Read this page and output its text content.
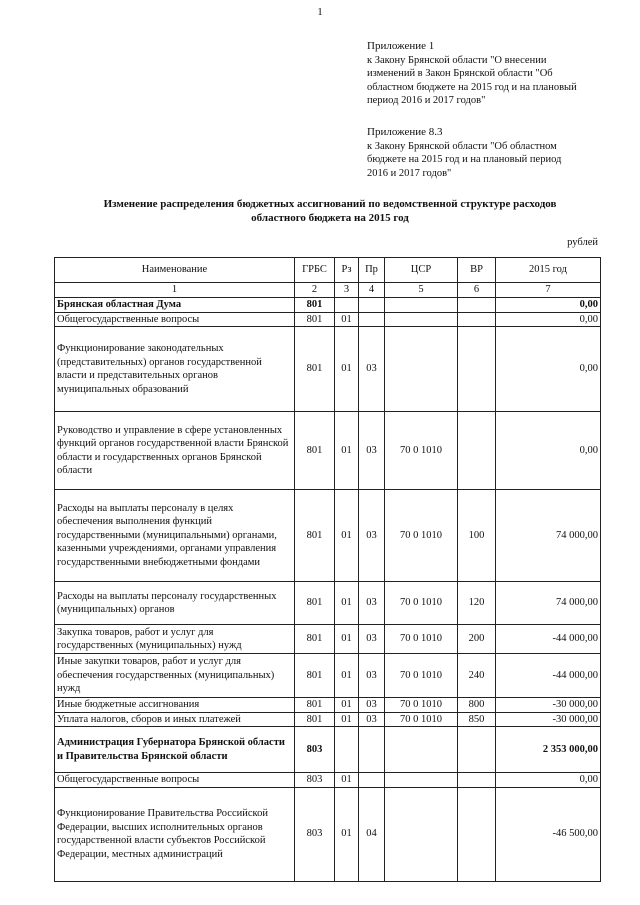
1
Приложение 1
к Закону Брянской области "О внесении
изменений в Закон Брянской области "Об
областном бюджете на 2015 год и на плановый
период 2016 и 2017 годов"
Приложение 8.3
к Закону Брянской области "Об областном
бюджете на 2015 год и на плановый период
2016 и 2017 годов"
Изменение распределения бюджетных ассигнований по ведомственной структуре расходов
областного бюджета на 2015 год
рублей
Наименование	ГРБС	Рз	Пр	ЦСР	ВР	2015 год
1	2	3	4	5	6	7
Брянская областная Дума	801					0,00
Общегосударственные вопросы	801	01				0,00
Функционирование законодательных (представительных) органов государственной власти и представительных органов муниципальных образований	801	01	03			0,00
Руководство и управление в сфере установленных функций органов государственной власти Брянской области и государственных органов Брянской области	801	01	03	70 0 1010		0,00
Расходы на выплаты персоналу в целях обеспечения выполнения функций государственными (муниципальными) органами, казенными учреждениями, органами управления государственными внебюджетными фондами	801	01	03	70 0 1010	100	74 000,00
Расходы на выплаты персоналу государственных (муниципальных) органов	801	01	03	70 0 1010	120	74 000,00
Закупка товаров, работ и услуг для государственных (муниципальных) нужд	801	01	03	70 0 1010	200	-44 000,00
Иные закупки товаров, работ и услуг для обеспечения государственных (муниципальных) нужд	801	01	03	70 0 1010	240	-44 000,00
Иные бюджетные ассигнования	801	01	03	70 0 1010	800	-30 000,00
Уплата налогов, сборов и иных платежей	801	01	03	70 0 1010	850	-30 000,00
Администрация Губернатора Брянской области и Правительства Брянской области	803					2 353 000,00
Общегосударственные вопросы	803	01				0,00
Функционирование Правительства Российской Федерации, высших исполнительных органов государственной власти субъектов Российской Федерации, местных администраций	803	01	04			-46 500,00
